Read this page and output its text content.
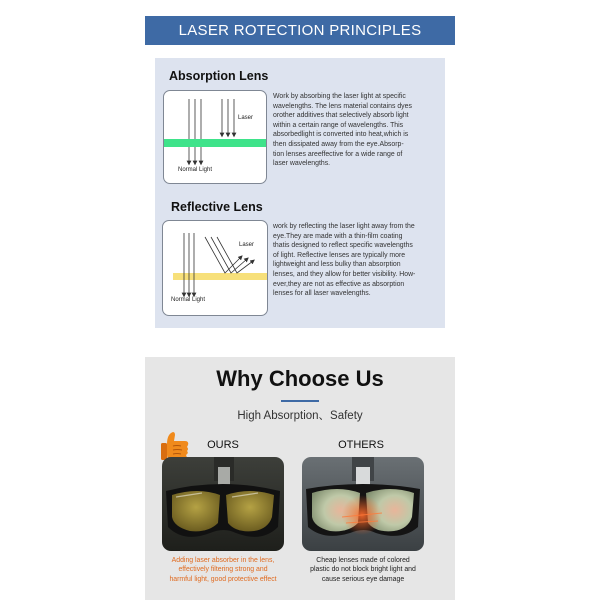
LASER ROTECTION PRINCIPLES
Absorption Lens
Laser
Normal Light
Work by absorbing the laser light at specific
wavelengths. The lens material contains dyes
orother additives that selectively absorb light
within a certain range of wavelengths. This
absorbedlight is converted into heat,which is
then dissipated away from the eye.Absorp-
tion lenses areeffective for a wide range of
laser wavelengths.
Reflective Lens
Laser
Normal Light
work by reflecting the laser light away from the
eye.They are made with a thin-film coating
thatis designed to reflect specific wavelengths
of light. Reflective lenses are typically more
lightweight and less bulky than absorption
lenses, and they allow for better visibility. How-
ever,they are not as effective as absorption
lenses for all laser wavelengths.
Why Choose Us
High Absorption、Safety
OURS	OTHERS
Adding laser absorber in the lens,
effectively filtering strong and
harmful light, good protective effect
Cheap lenses made of colored
plastic do not block bright light and
cause serious eye damage
